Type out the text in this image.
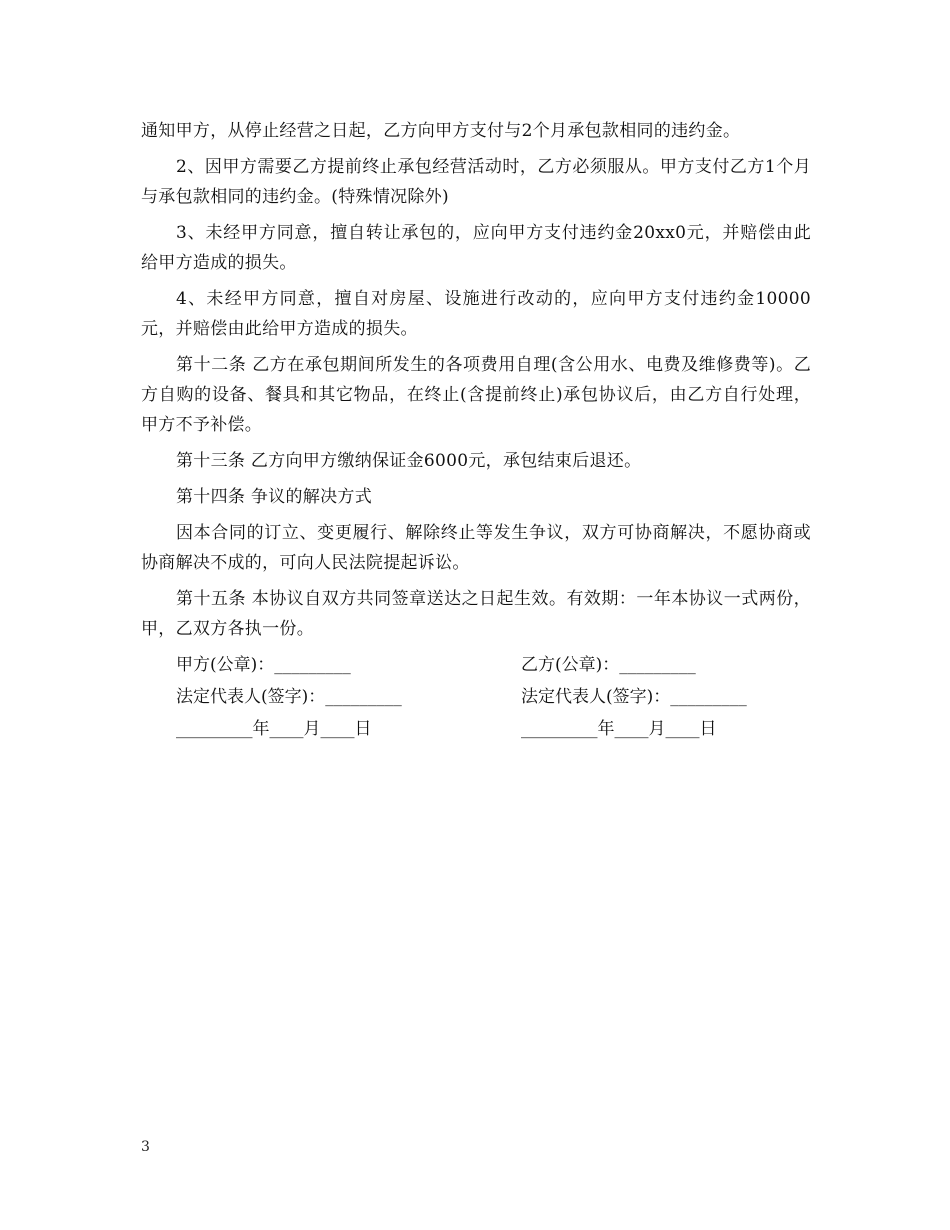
通知甲方，从停止经营之日起，乙方向甲方支付与2个月承包款相同的违约金。

2、因甲方需要乙方提前终止承包经营活动时，乙方必须服从。甲方支付乙方1个月与承包款相同的违约金。(特殊情况除外)

3、未经甲方同意，擅自转让承包的，应向甲方支付违约金20xx0元，并赔偿由此给甲方造成的损失。

4、未经甲方同意，擅自对房屋、设施进行改动的，应向甲方支付违约金10000元，并赔偿由此给甲方造成的损失。

第十二条 乙方在承包期间所发生的各项费用自理(含公用水、电费及维修费等)。乙方自购的设备、餐具和其它物品，在终止(含提前终止)承包协议后，由乙方自行处理，甲方不予补偿。

第十三条 乙方向甲方缴纳保证金6000元，承包结束后退还。

第十四条 争议的解决方式

因本合同的订立、变更履行、解除终止等发生争议，双方可协商解决，不愿协商或协商解决不成的，可向人民法院提起诉讼。

第十五条 本协议自双方共同签章送达之日起生效。有效期：一年本协议一式两份，甲，乙双方各执一份。

甲方(公章)：_________	乙方(公章)：_________
法定代表人(签字)：_________	法定代表人(签字)：_________
_________年____月____日	_________年____月____日
3
